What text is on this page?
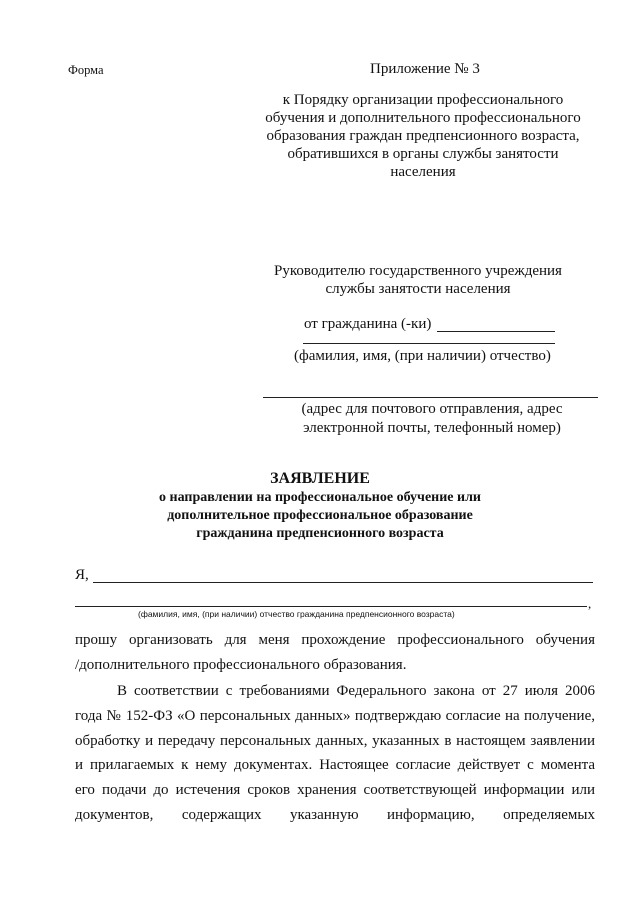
Форма	Приложение № 3
к Порядку организации профессионального
обучения и дополнительного профессионального
образования граждан предпенсионного возраста,
обратившихся в органы службы занятости
населения
Руководителю государственного учреждения
службы занятости населения
от гражданина (-ки)
(фамилия, имя, (при наличии) отчество)
(адрес для почтового отправления, адрес
электронной почты, телефонный номер)
ЗАЯВЛЕНИЕ
о направлении на профессиональное обучение или
дополнительное профессиональное образование
гражданина предпенсионного возраста
Я,
,
(фамилия, имя, (при наличии) отчество гражданина предпенсионного возраста)
прошу организовать для меня прохождение профессионального обучения
/дополнительного профессионального образования.
В соответствии с требованиями Федерального закона от 27 июля 2006
года № 152-ФЗ «О персональных данных» подтверждаю согласие на получение,
обработку и передачу персональных данных, указанных в настоящем заявлении
и прилагаемых к нему документах. Настоящее согласие действует с момента
его подачи до истечения сроков хранения соответствующей информации или
документов, содержащих указанную информацию, определяемых
